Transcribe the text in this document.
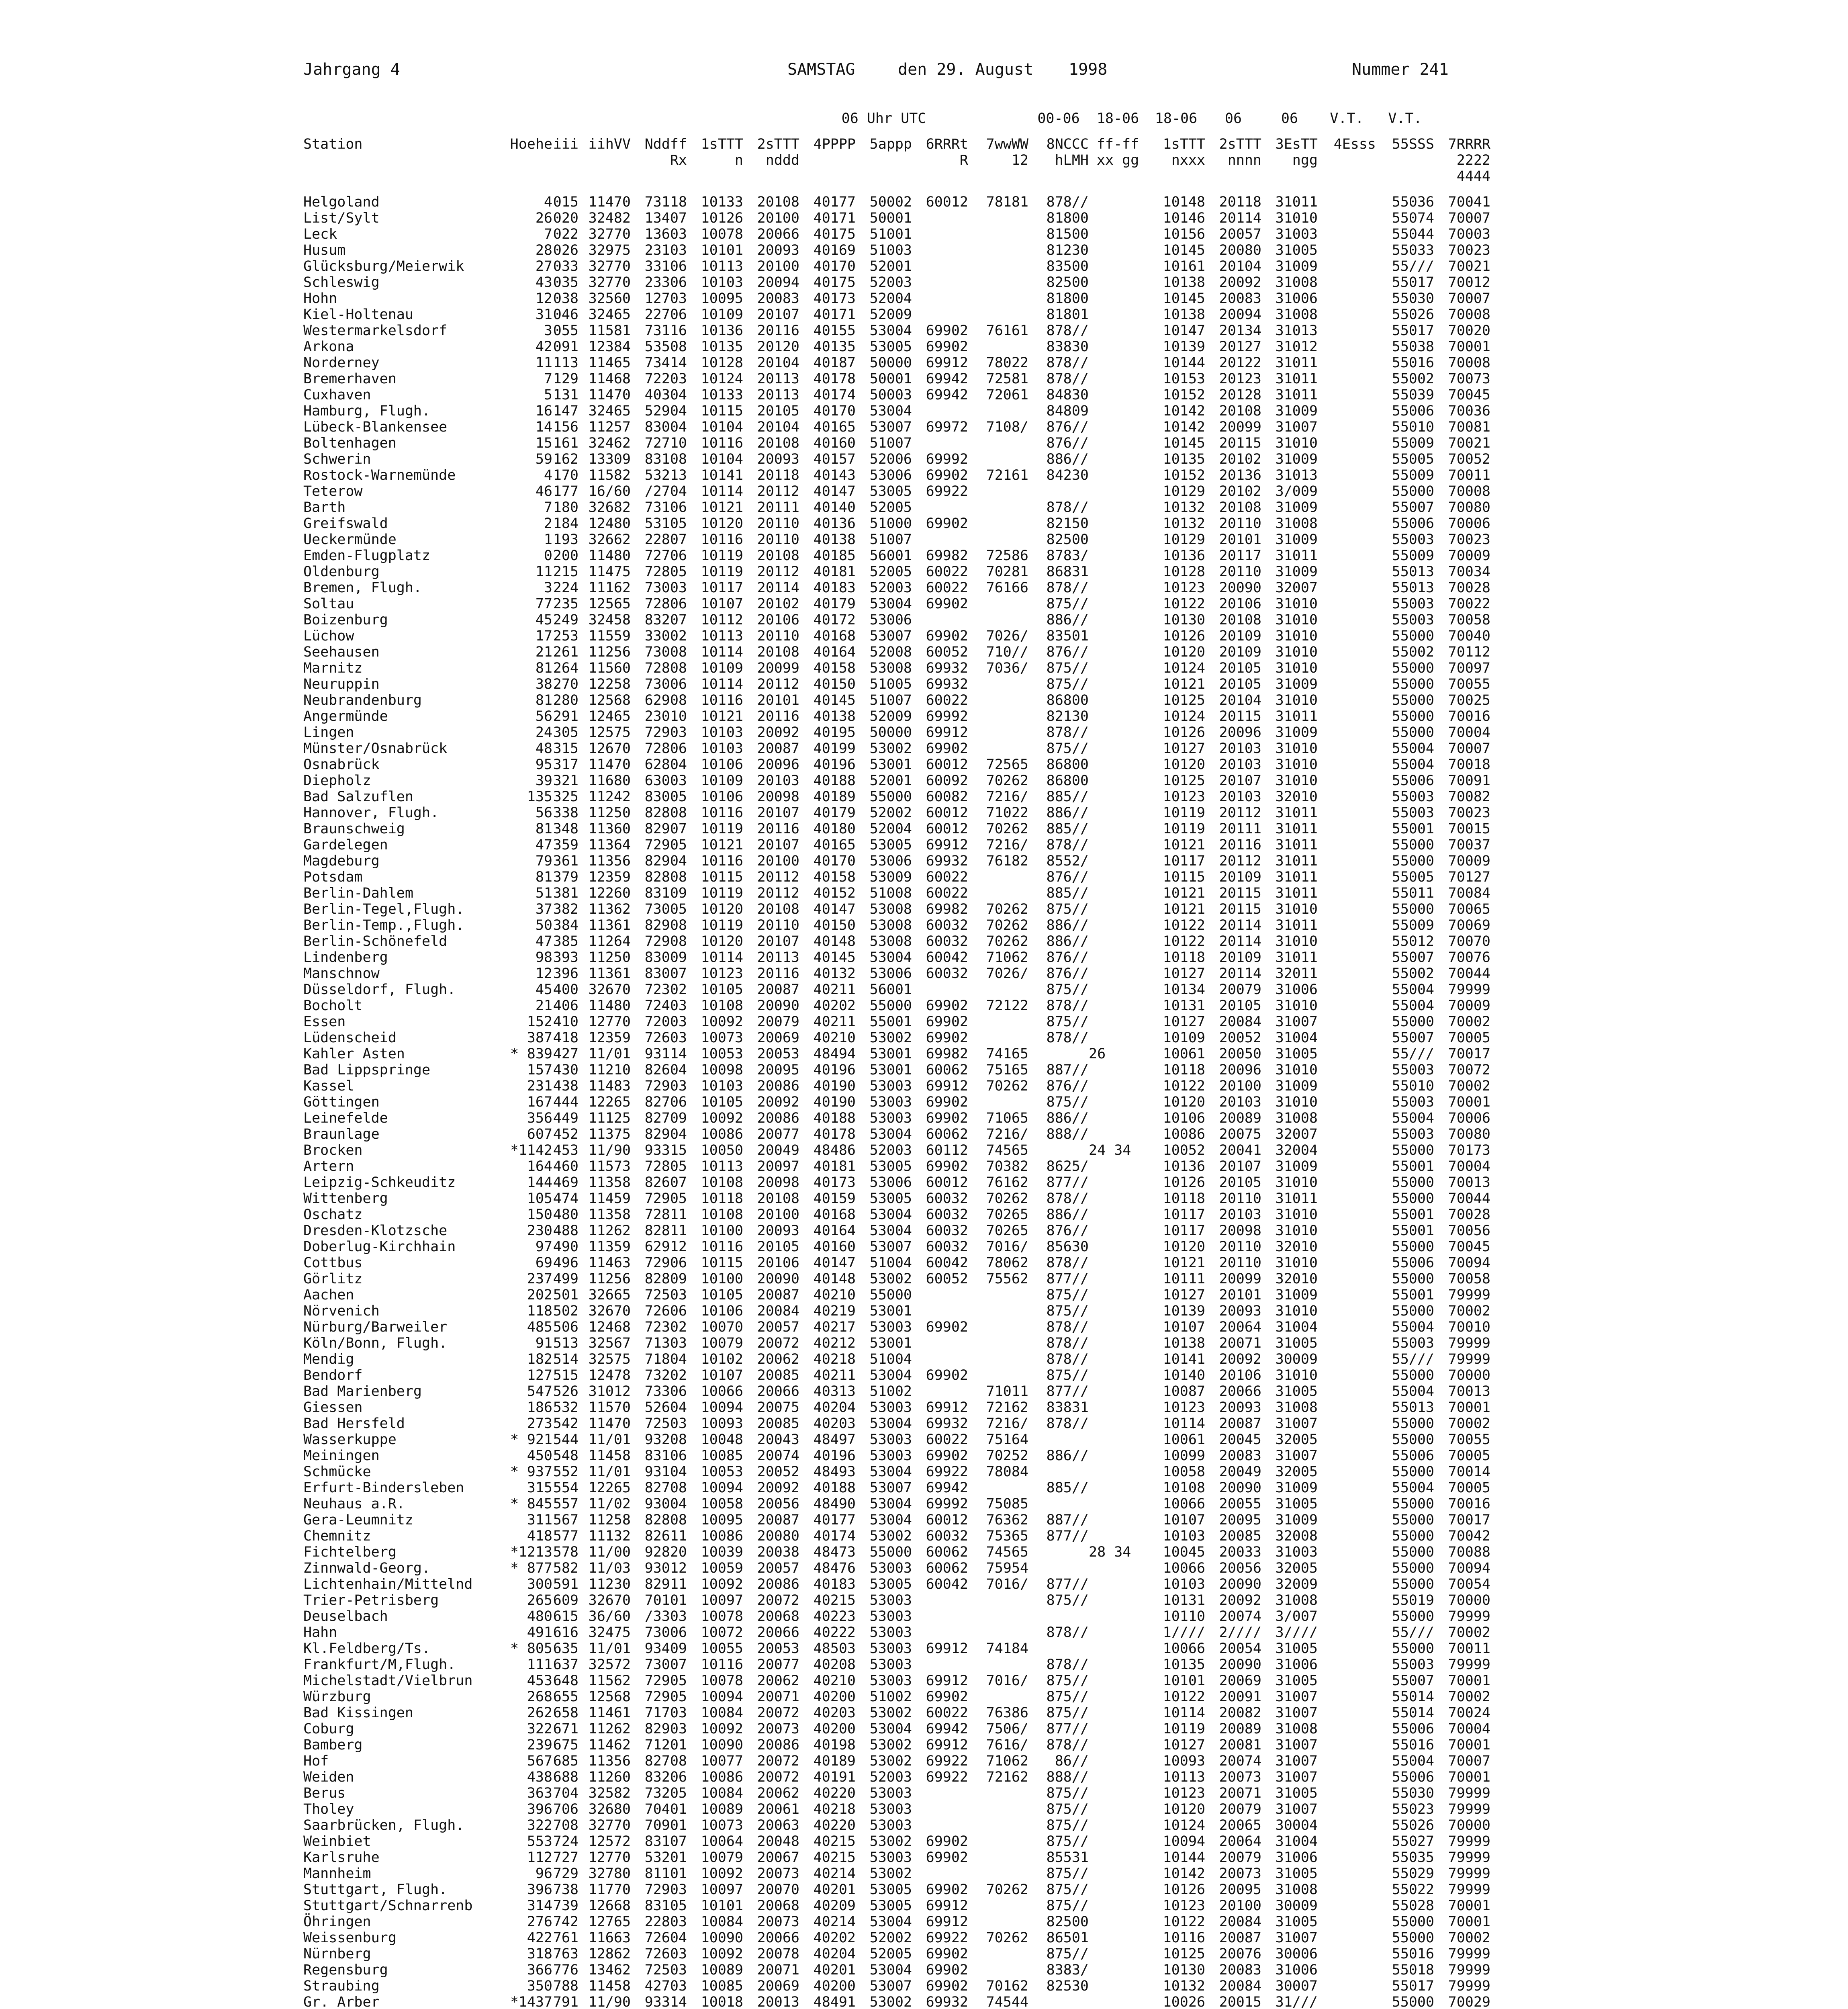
Jahrgang 4	SAMSTAG	den 29. August 1998	Nummer 241
							06 Uhr UTC				00-06	18-06	18-06	06	06	V.T.	V.T.	

Station	Hoehe	iii	iihVV	Nddff	1sTTT	2sTTT	4PPPP	5appp	6RRRt	7wwWW	8NCCC	ff-ff	1sTTT	2sTTT	3EsTT	4Esss	55SSS	7RRRR
				Rx	n	nddd			R	12	hLMH	xx gg	nxxx	nnnn	ngg			2222
																		4444

Helgoland	4	015	11470	73118	10133	20108	40177	50002	60012	78181	878//		10148	20118	31011		55036	70041
List/Sylt	26	020	32482	13407	10126	20100	40171	50001			81800		10146	20114	31010		55074	70007
Leck	7	022	32770	13603	10078	20066	40175	51001			81500		10156	20057	31003		55044	70003
Husum	28	026	32975	23103	10101	20093	40169	51003			81230		10145	20080	31005		55033	70023
Glücksburg/Meierwik	27	033	32770	33106	10113	20100	40170	52001			83500		10161	20104	31009		55///	70021
Schleswig	43	035	32770	23306	10103	20094	40175	52003			82500		10138	20092	31008		55017	70012
Hohn	12	038	32560	12703	10095	20083	40173	52004			81800		10145	20083	31006		55030	70007
Kiel-Holtenau	31	046	32465	22706	10109	20107	40171	52009			81801		10138	20094	31008		55026	70008
Westermarkelsdorf	3	055	11581	73116	10136	20116	40155	53004	69902	76161	878//		10147	20134	31013		55017	70020
Arkona	42	091	12384	53508	10135	20120	40135	53005	69902		83830		10139	20127	31012		55038	70001
Norderney	11	113	11465	73414	10128	20104	40187	50000	69912	78022	878//		10144	20122	31011		55016	70008
Bremerhaven	7	129	11468	72203	10124	20113	40178	50001	69942	72581	878//		10153	20123	31011		55002	70073
Cuxhaven	5	131	11470	40304	10133	20113	40174	50003	69942	72061	84830		10152	20128	31011		55039	70045
Hamburg, Flugh.	16	147	32465	52904	10115	20105	40170	53004			84809		10142	20108	31009		55006	70036
Lübeck-Blankensee	14	156	11257	83004	10104	20104	40165	53007	69972	7108/	876//		10142	20099	31007		55010	70081
Boltenhagen	15	161	32462	72710	10116	20108	40160	51007			876//		10145	20115	31010		55009	70021
Schwerin	59	162	13309	83108	10104	20093	40157	52006	69992		886//		10135	20102	31009		55005	70052
Rostock-Warnemünde	4	170	11582	53213	10141	20118	40143	53006	69902	72161	84230		10152	20136	31013		55009	70011
Teterow	46	177	16/60	/2704	10114	20112	40147	53005	69922				10129	20102	3/009		55000	70008
Barth	7	180	32682	73106	10121	20111	40140	52005			878//		10132	20108	31009		55007	70080
Greifswald	2	184	12480	53105	10120	20110	40136	51000	69902		82150		10132	20110	31008		55006	70006
Ueckermünde	1	193	32662	22807	10116	20110	40138	51007			82500		10129	20101	31009		55003	70023
Emden-Flugplatz	0	200	11480	72706	10119	20108	40185	56001	69982	72586	8783/		10136	20117	31011		55009	70009
Oldenburg	11	215	11475	72805	10119	20112	40181	52005	60022	70281	86831		10128	20110	31009		55013	70034
Bremen, Flugh.	3	224	11162	73003	10117	20114	40183	52003	60022	76166	878//		10123	20090	32007		55013	70028
Soltau	77	235	12565	72806	10107	20102	40179	53004	69902		875//		10122	20106	31010		55003	70022
Boizenburg	45	249	32458	83207	10112	20106	40172	53006			886//		10130	20108	31010		55003	70058
Lüchow	17	253	11559	33002	10113	20110	40168	53007	69902	7026/	83501		10126	20109	31010		55000	70040
Seehausen	21	261	11256	73008	10114	20108	40164	52008	60052	710//	876//		10120	20109	31010		55002	70112
Marnitz	81	264	11560	72808	10109	20099	40158	53008	69932	7036/	875//		10124	20105	31010		55000	70097
Neuruppin	38	270	12258	73006	10114	20112	40150	51005	69932		875//		10121	20105	31009		55000	70055
Neubrandenburg	81	280	12568	62908	10116	20101	40145	51007	60022		86800		10125	20104	31010		55000	70025
Angermünde	56	291	12465	23010	10121	20116	40138	52009	69992		82130		10124	20115	31011		55000	70016
Lingen	24	305	12575	72903	10103	20092	40195	50000	69912		878//		10126	20096	31009		55000	70004
Münster/Osnabrück	48	315	12670	72806	10103	20087	40199	53002	69902		875//		10127	20103	31010		55004	70007
Osnabrück	95	317	11470	62804	10106	20096	40196	53001	60012	72565	86800		10120	20103	31010		55004	70018
Diepholz	39	321	11680	63003	10109	20103	40188	52001	60092	70262	86800		10125	20107	31010		55006	70091
Bad Salzuflen	135	325	11242	83005	10106	20098	40189	55000	60082	7216/	885//		10123	20103	32010		55003	70082
Hannover, Flugh.	56	338	11250	82808	10116	20107	40179	52002	60012	71022	886//		10119	20112	31011		55003	70023
Braunschweig	81	348	11360	82907	10119	20116	40180	52004	60012	70262	885//		10119	20111	31011		55001	70015
Gardelegen	47	359	11364	72905	10121	20107	40165	53005	69912	7216/	878//		10121	20116	31011		55000	70037
Magdeburg	79	361	11356	82904	10116	20100	40170	53006	69932	76182	8552/		10117	20112	31011		55000	70009
Potsdam	81	379	12359	82808	10115	20112	40158	53009	60022		876//		10115	20109	31011		55005	70127
Berlin-Dahlem	51	381	12260	83109	10119	20112	40152	51008	60022		885//		10121	20115	31011		55011	70084
Berlin-Tegel,Flugh.	37	382	11362	73005	10120	20108	40147	53008	69982	70262	875//		10121	20115	31010		55000	70065
Berlin-Temp.,Flugh.	50	384	11361	82908	10119	20110	40150	53008	60032	70262	886//		10122	20114	31011		55009	70069
Berlin-Schönefeld	47	385	11264	72908	10120	20107	40148	53008	60032	70262	886//		10122	20114	31010		55012	70070
Lindenberg	98	393	11250	83009	10114	20113	40145	53004	60042	71062	876//		10118	20109	31011		55007	70076
Manschnow	12	396	11361	83007	10123	20116	40132	53006	60032	7026/	876//		10127	20114	32011		55002	70044
Düsseldorf, Flugh.	45	400	32670	72302	10105	20087	40211	56001			875//		10134	20079	31006		55004	79999
Bocholt	21	406	11480	72403	10108	20090	40202	55000	69902	72122	878//		10131	20105	31010		55004	70009
Essen	152	410	12770	72003	10092	20079	40211	55001	69902		875//		10127	20084	31007		55000	70002
Lüdenscheid	387	418	12359	72603	10073	20069	40210	53002	69902		878//		10109	20052	31004		55007	70005
Kahler Asten *	839	427	11/01	93114	10053	20053	48494	53001	69982	74165		26	10061	20050	31005		55///	70017
Bad Lippspringe	157	430	11210	82604	10098	20095	40196	53001	60062	75165	887//		10118	20096	31010		55003	70072
Kassel	231	438	11483	72903	10103	20086	40190	53003	69912	70262	876//		10122	20100	31009		55010	70002
Göttingen	167	444	12265	82706	10105	20092	40190	53003	69902		875//		10120	20103	31010		55003	70001
Leinefelde	356	449	11125	82709	10092	20086	40188	53003	69902	71065	886//		10106	20089	31008		55004	70006
Braunlage	607	452	11375	82904	10086	20077	40178	53004	60062	7216/	888//		10086	20075	32007		55003	70080
Brocken *	1142	453	11/90	93315	10050	20049	48486	52003	60112	74565		24 34	10052	20041	32004		55000	70173
Artern	164	460	11573	72805	10113	20097	40181	53005	69902	70382	8625/		10136	20107	31009		55001	70004
Leipzig-Schkeuditz	144	469	11358	82607	10108	20098	40173	53006	60012	76162	877//		10126	20105	31010		55000	70013
Wittenberg	105	474	11459	72905	10118	20108	40159	53005	60032	70262	878//		10118	20110	31011		55000	70044
Oschatz	150	480	11358	72811	10108	20100	40168	53004	60032	70265	886//		10117	20103	31010		55001	70028
Dresden-Klotzsche	230	488	11262	82811	10100	20093	40164	53004	60032	70265	876//		10117	20098	31010		55001	70056
Doberlug-Kirchhain	97	490	11359	62912	10116	20105	40160	53007	60032	7016/	85630		10120	20110	32010		55000	70045
Cottbus	69	496	11463	72906	10115	20106	40147	51004	60042	78062	878//		10121	20110	31010		55006	70094
Görlitz	237	499	11256	82809	10100	20090	40148	53002	60052	75562	877//		10111	20099	32010		55000	70058
Aachen	202	501	32665	72503	10105	20087	40210	55000			875//		10127	20101	31009		55001	79999
Nörvenich	118	502	32670	72606	10106	20084	40219	53001			875//		10139	20093	31010		55000	70002
Nürburg/Barweiler	485	506	12468	72302	10070	20057	40217	53003	69902		878//		10107	20064	31004		55004	70010
Köln/Bonn, Flugh.	91	513	32567	71303	10079	20072	40212	53001			878//		10138	20071	31005		55003	79999
Mendig	182	514	32575	71804	10102	20062	40218	51004			878//		10141	20092	30009		55///	79999
Bendorf	127	515	12478	73202	10107	20085	40211	53004	69902		875//		10140	20106	31010		55000	70000
Bad Marienberg	547	526	31012	73306	10066	20066	40313	51002		71011	877//		10087	20066	31005		55004	70013
Giessen	186	532	11570	52604	10094	20075	40204	53003	69912	72162	83831		10123	20093	31008		55013	70001
Bad Hersfeld	273	542	11470	72503	10093	20085	40203	53004	69932	7216/	878//		10114	20087	31007		55000	70002
Wasserkuppe *	921	544	11/01	93208	10048	20043	48497	53003	60022	75164			10061	20045	32005		55000	70055
Meiningen	450	548	11458	83106	10085	20074	40196	53003	69902	70252	886//		10099	20083	31007		55006	70005
Schmücke *	937	552	11/01	93104	10053	20052	48493	53004	69922	78084			10058	20049	32005		55000	70014
Erfurt-Bindersleben	315	554	12265	82708	10094	20092	40188	53007	69942		885//		10108	20090	31009		55004	70005
Neuhaus a.R. *	845	557	11/02	93004	10058	20056	48490	53004	69992	75085			10066	20055	31005		55000	70016
Gera-Leumnitz	311	567	11258	82808	10095	20087	40177	53004	60012	76362	887//		10107	20095	31009		55000	70017
Chemnitz	418	577	11132	82611	10086	20080	40174	53002	60032	75365	877//		10103	20085	32008		55000	70042
Fichtelberg *	1213	578	11/00	92820	10039	20038	48473	55000	60062	74565		28 34	10045	20033	31003		55000	70088
Zinnwald-Georg. *	877	582	11/03	93012	10059	20057	48476	53003	60062	75954			10066	20056	32005		55000	70094
Lichtenhain/Mittelnd	300	591	11230	82911	10092	20086	40183	53005	60042	7016/	877//		10103	20090	32009		55000	70054
Trier-Petrisberg	265	609	32670	70101	10097	20072	40215	53003			875//		10131	20092	31008		55019	70000
Deuselbach	480	615	36/60	/3303	10078	20068	40223	53003					10110	20074	3/007		55000	79999
Hahn	491	616	32475	73006	10072	20066	40222	53003			878//		1////	2////	3////		55///	70002
Kl.Feldberg/Ts. *	805	635	11/01	93409	10055	20053	48503	53003	69912	74184			10066	20054	31005		55000	70011
Frankfurt/M,Flugh.	111	637	32572	73007	10116	20077	40208	53003			878//		10135	20090	31006		55003	79999
Michelstadt/Vielbrun	453	648	11562	72905	10078	20062	40210	53003	69912	7016/	875//		10101	20069	31005		55007	70001
Würzburg	268	655	12568	72905	10094	20071	40200	51002	69902		875//		10122	20091	31007		55014	70002
Bad Kissingen	262	658	11461	71703	10084	20072	40203	53002	60022	76386	875//		10114	20082	31007		55014	70024
Coburg	322	671	11262	82903	10092	20073	40200	53004	69942	7506/	877//		10119	20089	31008		55006	70004
Bamberg	239	675	11462	71201	10090	20086	40198	53002	69912	7616/	878//		10127	20081	31007		55016	70001
Hof	567	685	11356	82708	10077	20072	40189	53002	69922	71062	86//		10093	20074	31007		55004	70007
Weiden	438	688	11260	83206	10086	20072	40191	52003	69922	72162	888//		10113	20073	31007		55006	70001
Berus	363	704	32582	73205	10084	20062	40220	53003			875//		10123	20071	31005		55030	79999
Tholey	396	706	32680	70401	10089	20061	40218	53003			875//		10120	20079	31007		55023	79999
Saarbrücken, Flugh.	322	708	32770	70901	10073	20063	40220	53003			875//		10124	20065	30004		55026	70000
Weinbiet	553	724	12572	83107	10064	20048	40215	53002	69902		875//		10094	20064	31004		55027	79999
Karlsruhe	112	727	12770	53201	10079	20067	40215	53003	69902		85531		10144	20079	31006		55035	79999
Mannheim	96	729	32780	81101	10092	20073	40214	53002			875//		10142	20073	31005		55029	79999
Stuttgart, Flugh.	396	738	11770	72903	10097	20070	40201	53005	69902	70262	875//		10126	20095	31008		55022	79999
Stuttgart/Schnarrenb	314	739	12668	83105	10101	20068	40209	53005	69912		875//		10123	20100	30009		55028	70001
Öhringen	276	742	12765	22803	10084	20073	40214	53004	69912		82500		10122	20084	31005		55000	70001
Weissenburg	422	761	11663	72604	10090	20066	40202	52002	69922	70262	86501		10116	20087	31007		55000	70002
Nürnberg	318	763	12862	72603	10092	20078	40204	52005	69902		875//		10125	20076	30006		55016	79999
Regensburg	366	776	13462	72503	10089	20071	40201	53004	69902		8383/		10130	20083	31006		55018	79999
Straubing	350	788	11458	42703	10085	20069	40200	53007	69902	70162	82530		10132	20084	30007		55017	79999
Gr. Arber *	1437	791	11/90	93314	10018	20013	48491	53002	69932	74544			10026	20015	31///		55000	70029
